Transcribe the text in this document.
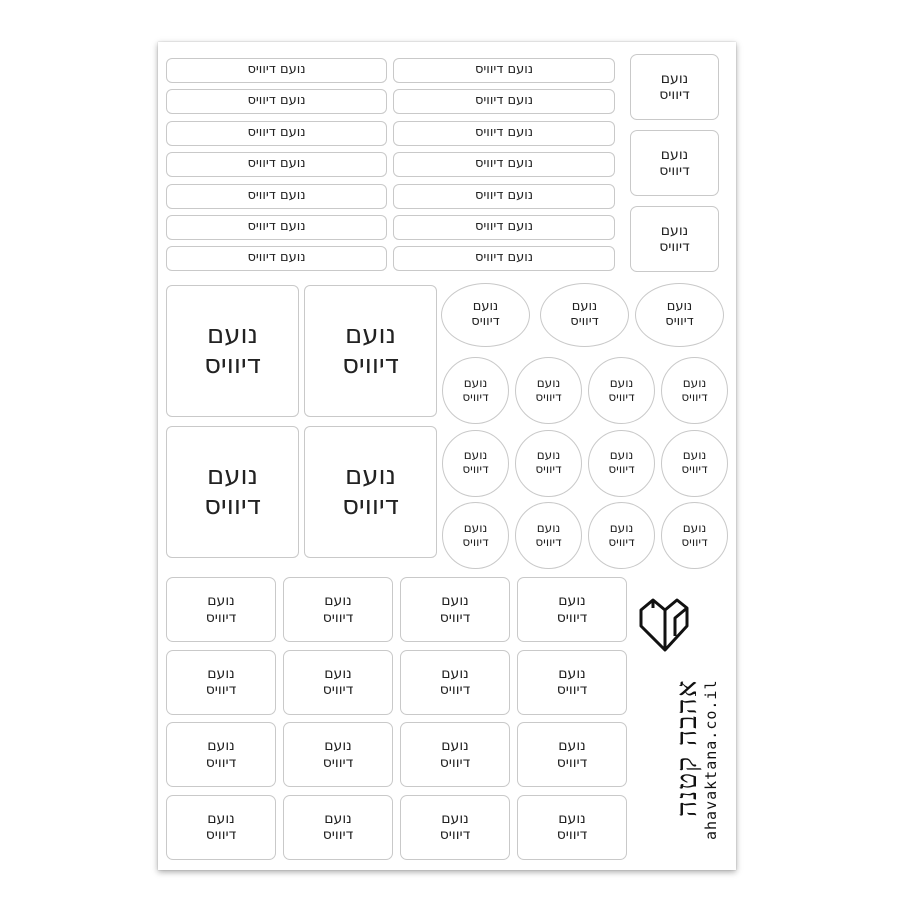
נועם דיוויס	נועם דיוויס
נועם דיוויס	נועם דיוויס
נועם דיוויס	נועם דיוויס
נועם דיוויס	נועם דיוויס
נועם דיוויס	נועם דיוויס
נועם דיוויס	נועם דיוויס
נועם דיוויס	נועם דיוויס
נועם
דיוויס
נועם
דיוויס
נועם
דיוויס
נועם
דיוויס
נועם
דיוויס
נועם
דיוויס
נועם
דיוויס
נועם
דיוויס
נועם
דיוויס
נועם
דיוויס
נועם
דיוויס
נועם
דיוויס
נועם
דיוויס
נועם
דיוויס
נועם
דיוויס
נועם
דיוויס
נועם
דיוויס
נועם
דיוויס
נועם
דיוויס
נועם
דיוויס
נועם
דיוויס
נועם
דיוויס
נועם
דיוויס
נועם
דיוויס
נועם
דיוויס
נועם
דיוויס
נועם
דיוויס
נועם
דיוויס
נועם
דיוויס
נועם
דיוויס
נועם
דיוויס
נועם
דיוויס
נועם
דיוויס
נועם
דיוויס
נועם
דיוויס
נועם
דיוויס
נועם
דיוויס
נועם
דיוויס
אהבה קטנה ahavaktana.co.il
